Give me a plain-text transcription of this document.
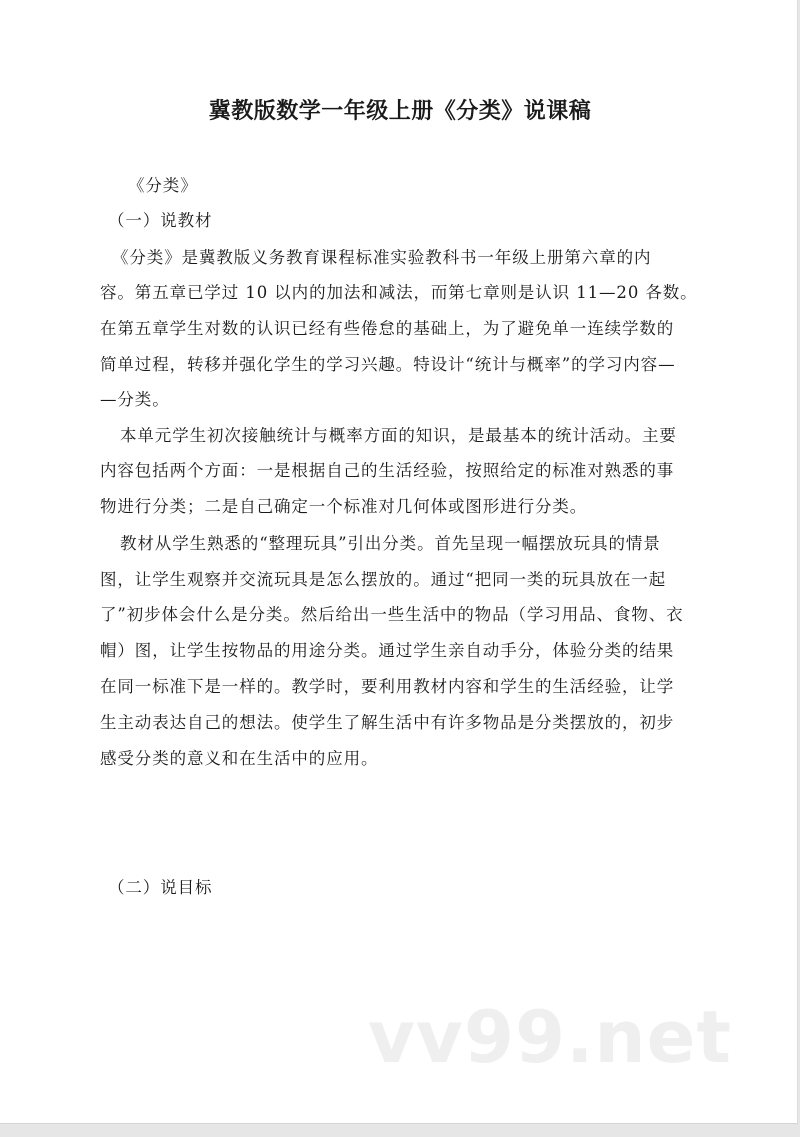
冀教版数学一年级上册《分类》说课稿
《分类》
（一）说教材
《分类》是冀教版义务教育课程标准实验教科书一年级上册第六章的内
容。第五章已学过 10 以内的加法和减法，而第七章则是认识 11—20 各数。
在第五章学生对数的认识已经有些倦怠的基础上，为了避免单一连续学数的
简单过程，转移并强化学生的学习兴趣。特设计“统计与概率”的学习内容—
—分类。
本单元学生初次接触统计与概率方面的知识，是最基本的统计活动。主要
内容包括两个方面：一是根据自己的生活经验，按照给定的标准对熟悉的事
物进行分类；二是自己确定一个标准对几何体或图形进行分类。
教材从学生熟悉的“整理玩具”引出分类。首先呈现一幅摆放玩具的情景
图，让学生观察并交流玩具是怎么摆放的。通过“把同一类的玩具放在一起
了”初步体会什么是分类。然后给出一些生活中的物品（学习用品、食物、衣
帽）图，让学生按物品的用途分类。通过学生亲自动手分，体验分类的结果
在同一标准下是一样的。教学时，要利用教材内容和学生的生活经验，让学
生主动表达自己的想法。使学生了解生活中有许多物品是分类摆放的，初步
感受分类的意义和在生活中的应用。
（二）说目标
vv99.net
